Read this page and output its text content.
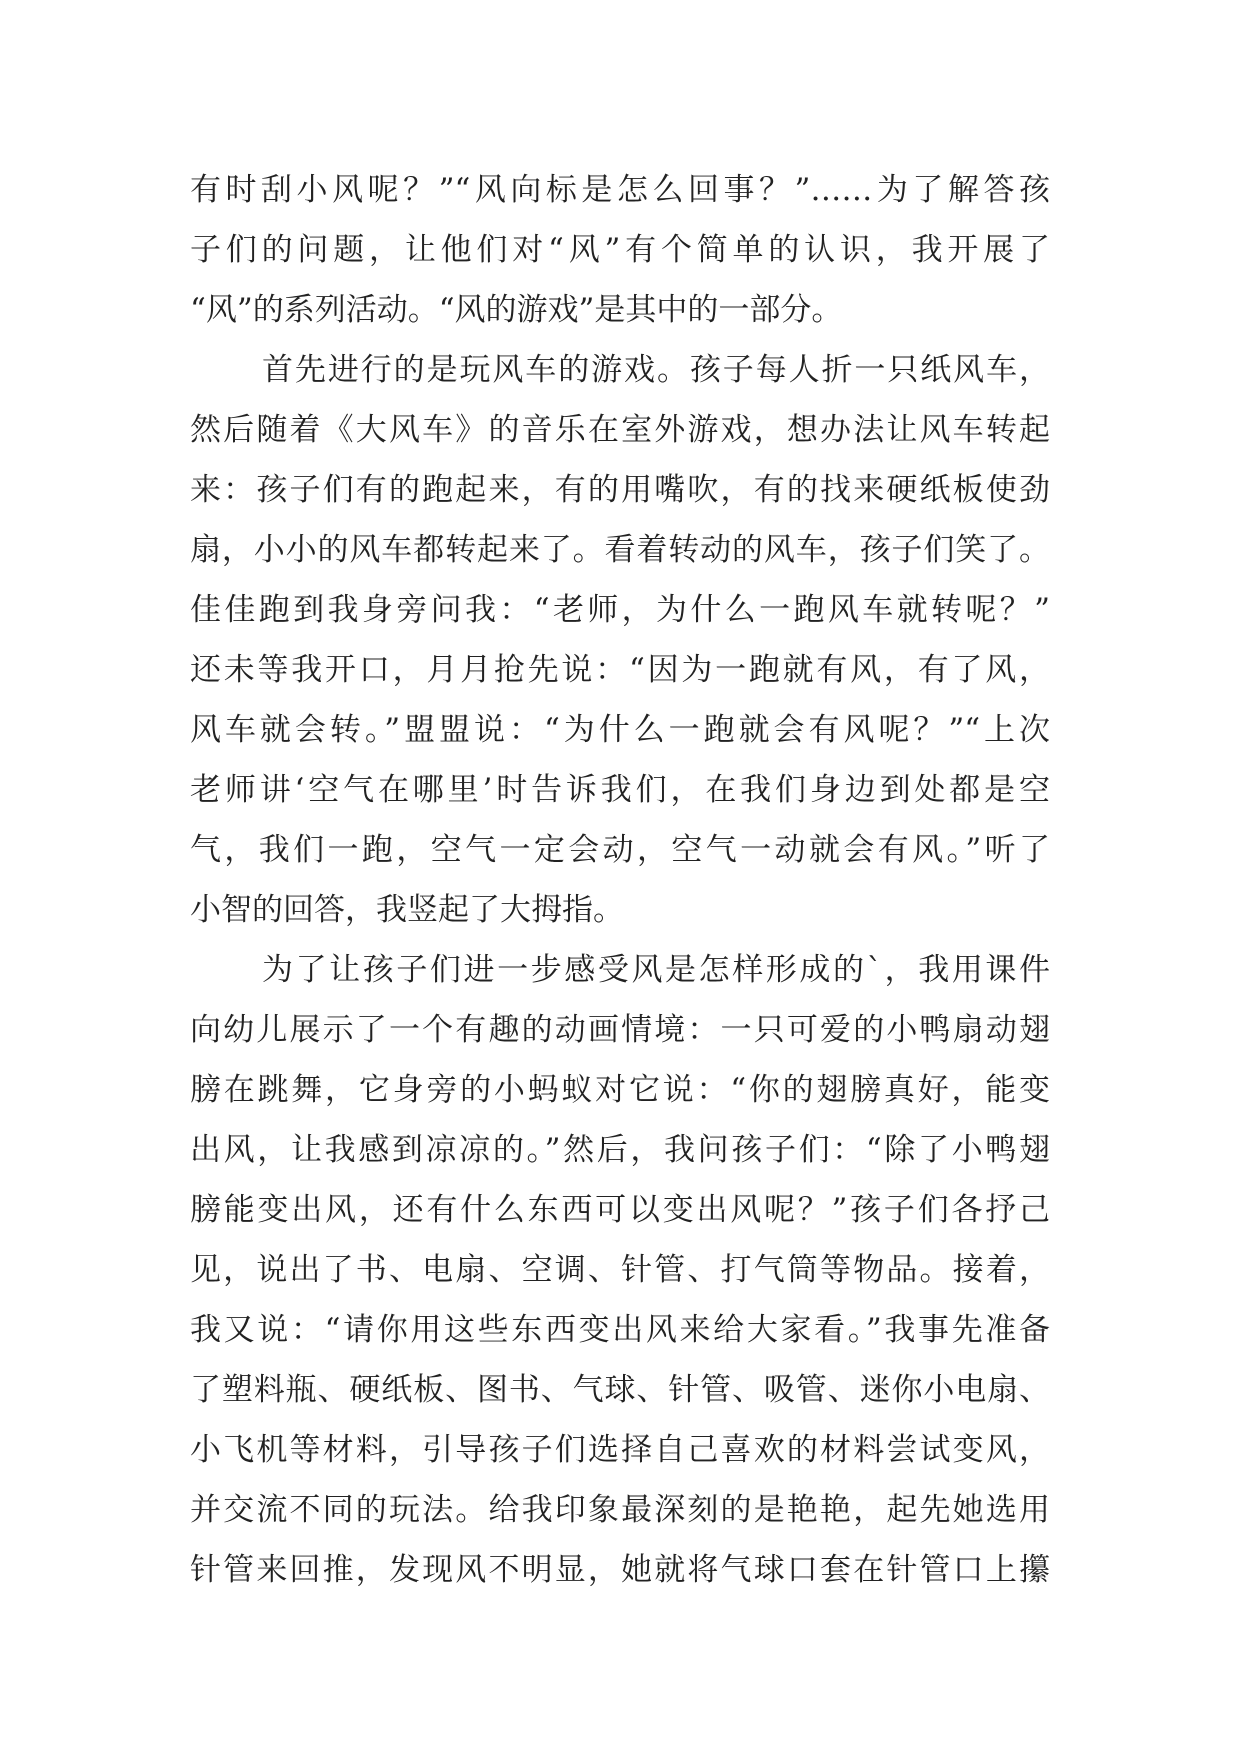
有时刮小风呢？”“风向标是怎么回事？”……为了解答孩
子们的问题，让他们对“风”有个简单的认识，我开展了
“风”的系列活动。“风的游戏”是其中的一部分。
首先进行的是玩风车的游戏。孩子每人折一只纸风车，
然后随着《大风车》的音乐在室外游戏，想办法让风车转起
来：孩子们有的跑起来，有的用嘴吹，有的找来硬纸板使劲
扇，小小的风车都转起来了。看着转动的风车，孩子们笑了。
佳佳跑到我身旁问我：“老师，为什么一跑风车就转呢？”
还未等我开口，月月抢先说：“因为一跑就有风，有了风，
风车就会转。”盟盟说：“为什么一跑就会有风呢？”“上次
老师讲‘空气在哪里’时告诉我们，在我们身边到处都是空
气，我们一跑，空气一定会动，空气一动就会有风。”听了
小智的回答，我竖起了大拇指。
为了让孩子们进一步感受风是怎样形成的`，我用课件
向幼儿展示了一个有趣的动画情境：一只可爱的小鸭扇动翅
膀在跳舞，它身旁的小蚂蚁对它说：“你的翅膀真好，能变
出风，让我感到凉凉的。”然后，我问孩子们：“除了小鸭翅
膀能变出风，还有什么东西可以变出风呢？”孩子们各抒己
见，说出了书、电扇、空调、针管、打气筒等物品。接着，
我又说：“请你用这些东西变出风来给大家看。”我事先准备
了塑料瓶、硬纸板、图书、气球、针管、吸管、迷你小电扇、
小飞机等材料，引导孩子们选择自己喜欢的材料尝试变风，
并交流不同的玩法。给我印象最深刻的是艳艳，起先她选用
针管来回推，发现风不明显，她就将气球口套在针管口上攥
